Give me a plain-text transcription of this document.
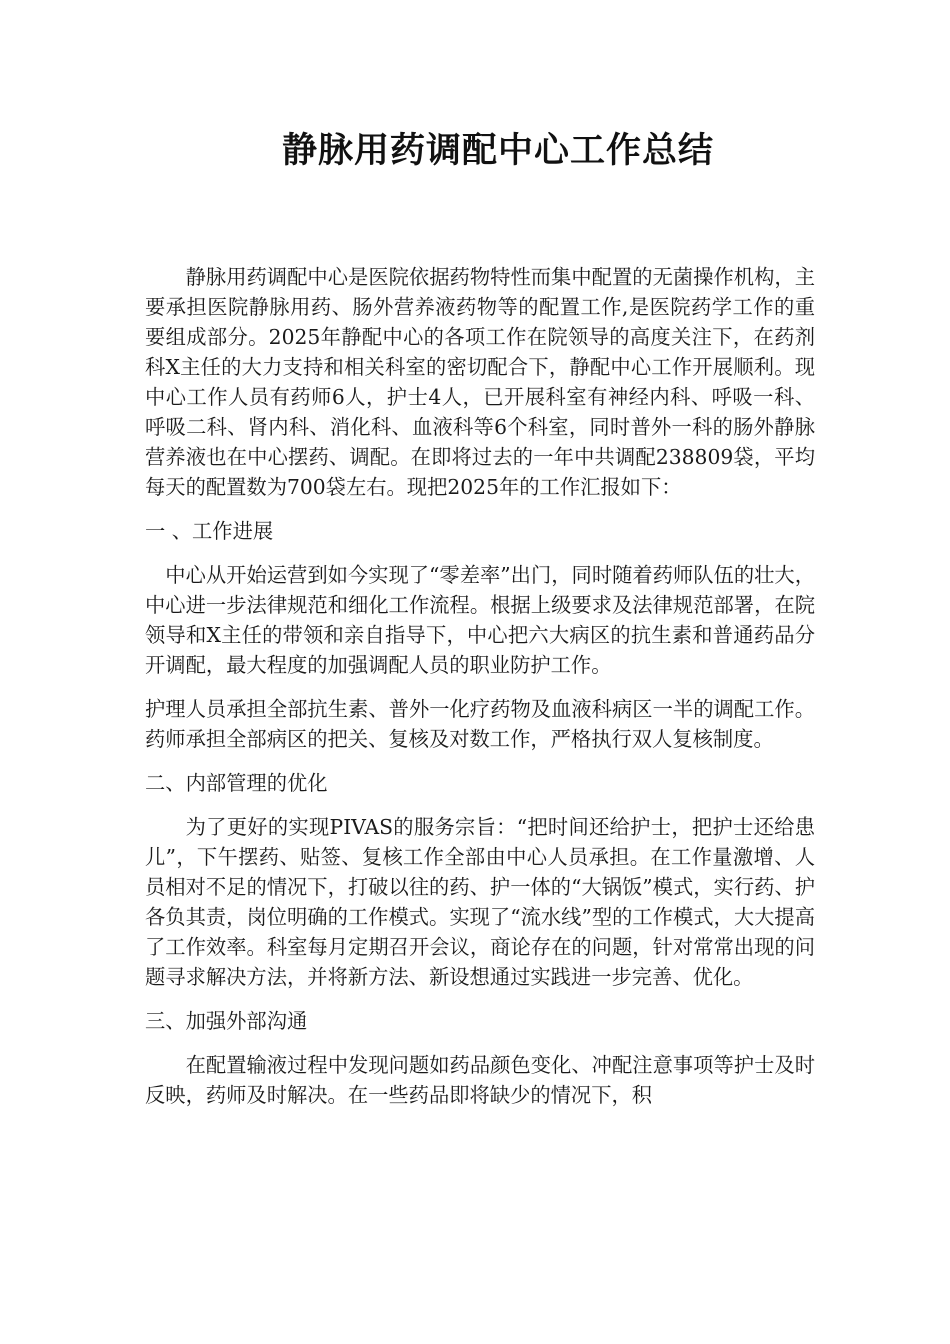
静脉用药调配中心工作总结

静脉用药调配中心是医院依据药物特性而集中配置的无菌操作机构，主要承担医院静脉用药、肠外营养液药物等的配置工作,是医院药学工作的重要组成部分。2025年静配中心的各项工作在院领导的高度关注下，在药剂科X主任的大力支持和相关科室的密切配合下，静配中心工作开展顺利。现中心工作人员有药师6人，护士4人，已开展科室有神经内科、呼吸一科、呼吸二科、肾内科、消化科、血液科等6个科室，同时普外一科的肠外静脉营养液也在中心摆药、调配。在即将过去的一年中共调配238809袋，平均每天的配置数为700袋左右。现把2025年的工作汇报如下：

一 、工作进展

中心从开始运营到如今实现了“零差率”出门，同时随着药师队伍的壮大，中心进一步法律规范和细化工作流程。根据上级要求及法律规范部署，在院领导和X主任的带领和亲自指导下，中心把六大病区的抗生素和普通药品分开调配，最大程度的加强调配人员的职业防护工作。

护理人员承担全部抗生素、普外一化疗药物及血液科病区一半的调配工作。药师承担全部病区的把关、复核及对数工作，严格执行双人复核制度。

二、内部管理的优化

为了更好的实现PIVAS的服务宗旨：“把时间还给护士，把护士还给患儿”，下午摆药、贴签、复核工作全部由中心人员承担。在工作量激增、人员相对不足的情况下，打破以往的药、护一体的“大锅饭”模式，实行药、护各负其责，岗位明确的工作模式。实现了“流水线”型的工作模式，大大提高了工作效率。科室每月定期召开会议，商论存在的问题，针对常常出现的问题寻求解决方法，并将新方法、新设想通过实践进一步完善、优化。

三、加强外部沟通

在配置输液过程中发现问题如药品颜色变化、冲配注意事项等护士及时反映，药师及时解决。在一些药品即将缺少的情况下，积
